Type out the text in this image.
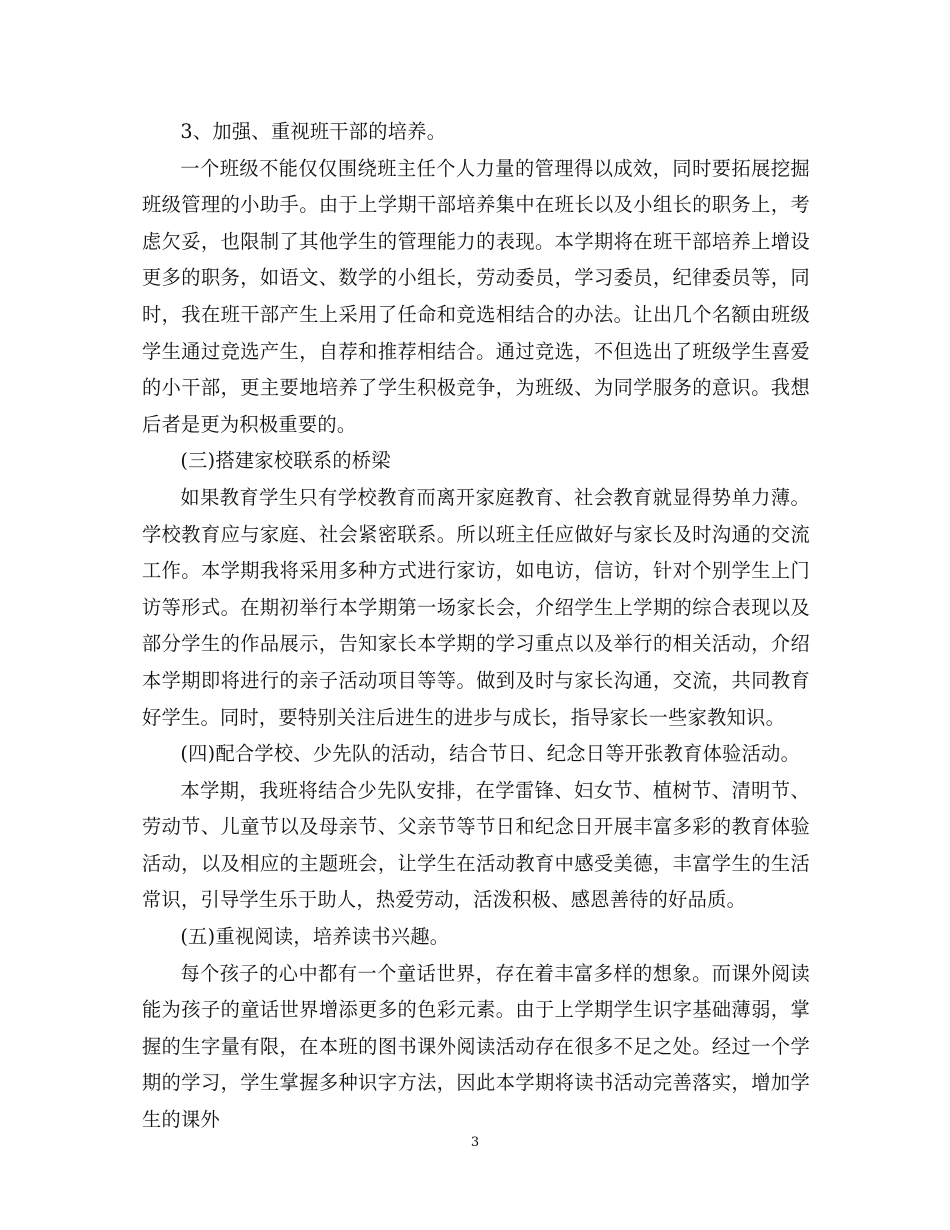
3、加强、重视班干部的培养。

一个班级不能仅仅围绕班主任个人力量的管理得以成效，同时要拓展挖掘班级管理的小助手。由于上学期干部培养集中在班长以及小组长的职务上，考虑欠妥，也限制了其他学生的管理能力的表现。本学期将在班干部培养上增设更多的职务，如语文、数学的小组长，劳动委员，学习委员，纪律委员等，同时，我在班干部产生上采用了任命和竞选相结合的办法。让出几个名额由班级学生通过竞选产生，自荐和推荐相结合。通过竞选，不但选出了班级学生喜爱的小干部，更主要地培养了学生积极竞争，为班级、为同学服务的意识。我想后者是更为积极重要的。

(三)搭建家校联系的桥梁

如果教育学生只有学校教育而离开家庭教育、社会教育就显得势单力薄。学校教育应与家庭、社会紧密联系。所以班主任应做好与家长及时沟通的交流工作。本学期我将采用多种方式进行家访，如电访，信访，针对个别学生上门访等形式。在期初举行本学期第一场家长会，介绍学生上学期的综合表现以及部分学生的作品展示，告知家长本学期的学习重点以及举行的相关活动，介绍本学期即将进行的亲子活动项目等等。做到及时与家长沟通，交流，共同教育好学生。同时，要特别关注后进生的进步与成长，指导家长一些家教知识。

(四)配合学校、少先队的活动，结合节日、纪念日等开张教育体验活动。

本学期，我班将结合少先队安排，在学雷锋、妇女节、植树节、清明节、劳动节、儿童节以及母亲节、父亲节等节日和纪念日开展丰富多彩的教育体验活动，以及相应的主题班会，让学生在活动教育中感受美德，丰富学生的生活常识，引导学生乐于助人，热爱劳动，活泼积极、感恩善待的好品质。

(五)重视阅读，培养读书兴趣。

每个孩子的心中都有一个童话世界，存在着丰富多样的想象。而课外阅读能为孩子的童话世界增添更多的色彩元素。由于上学期学生识字基础薄弱，掌握的生字量有限，在本班的图书课外阅读活动存在很多不足之处。经过一个学期的学习，学生掌握多种识字方法，因此本学期将读书活动完善落实，增加学生的课外

3
